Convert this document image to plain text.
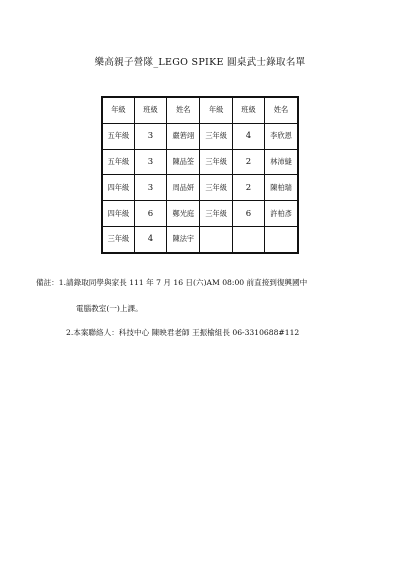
樂高親子營隊_LEGO SPIKE 圓桌武士錄取名單
年級	班級	姓名	年級	班級	姓名
五年級	3	嚴箬翊	三年級	4	李欣恩
五年級	3	陳品筌	三年級	2	林沛縫
四年級	3	周品妍	三年級	2	陳柏瑞
四年級	6	鄭光庭	三年級	6	許柏彥
三年級	4	陳法宇			
備註：1.請錄取同學與家長 111 年 7 月 16 日(六)AM 08:00 前直接到復興國中
電腦教室(一)上課。
2.本案聯絡人：科技中心 陳映君老師 王振榆組長 06-3310688#112
